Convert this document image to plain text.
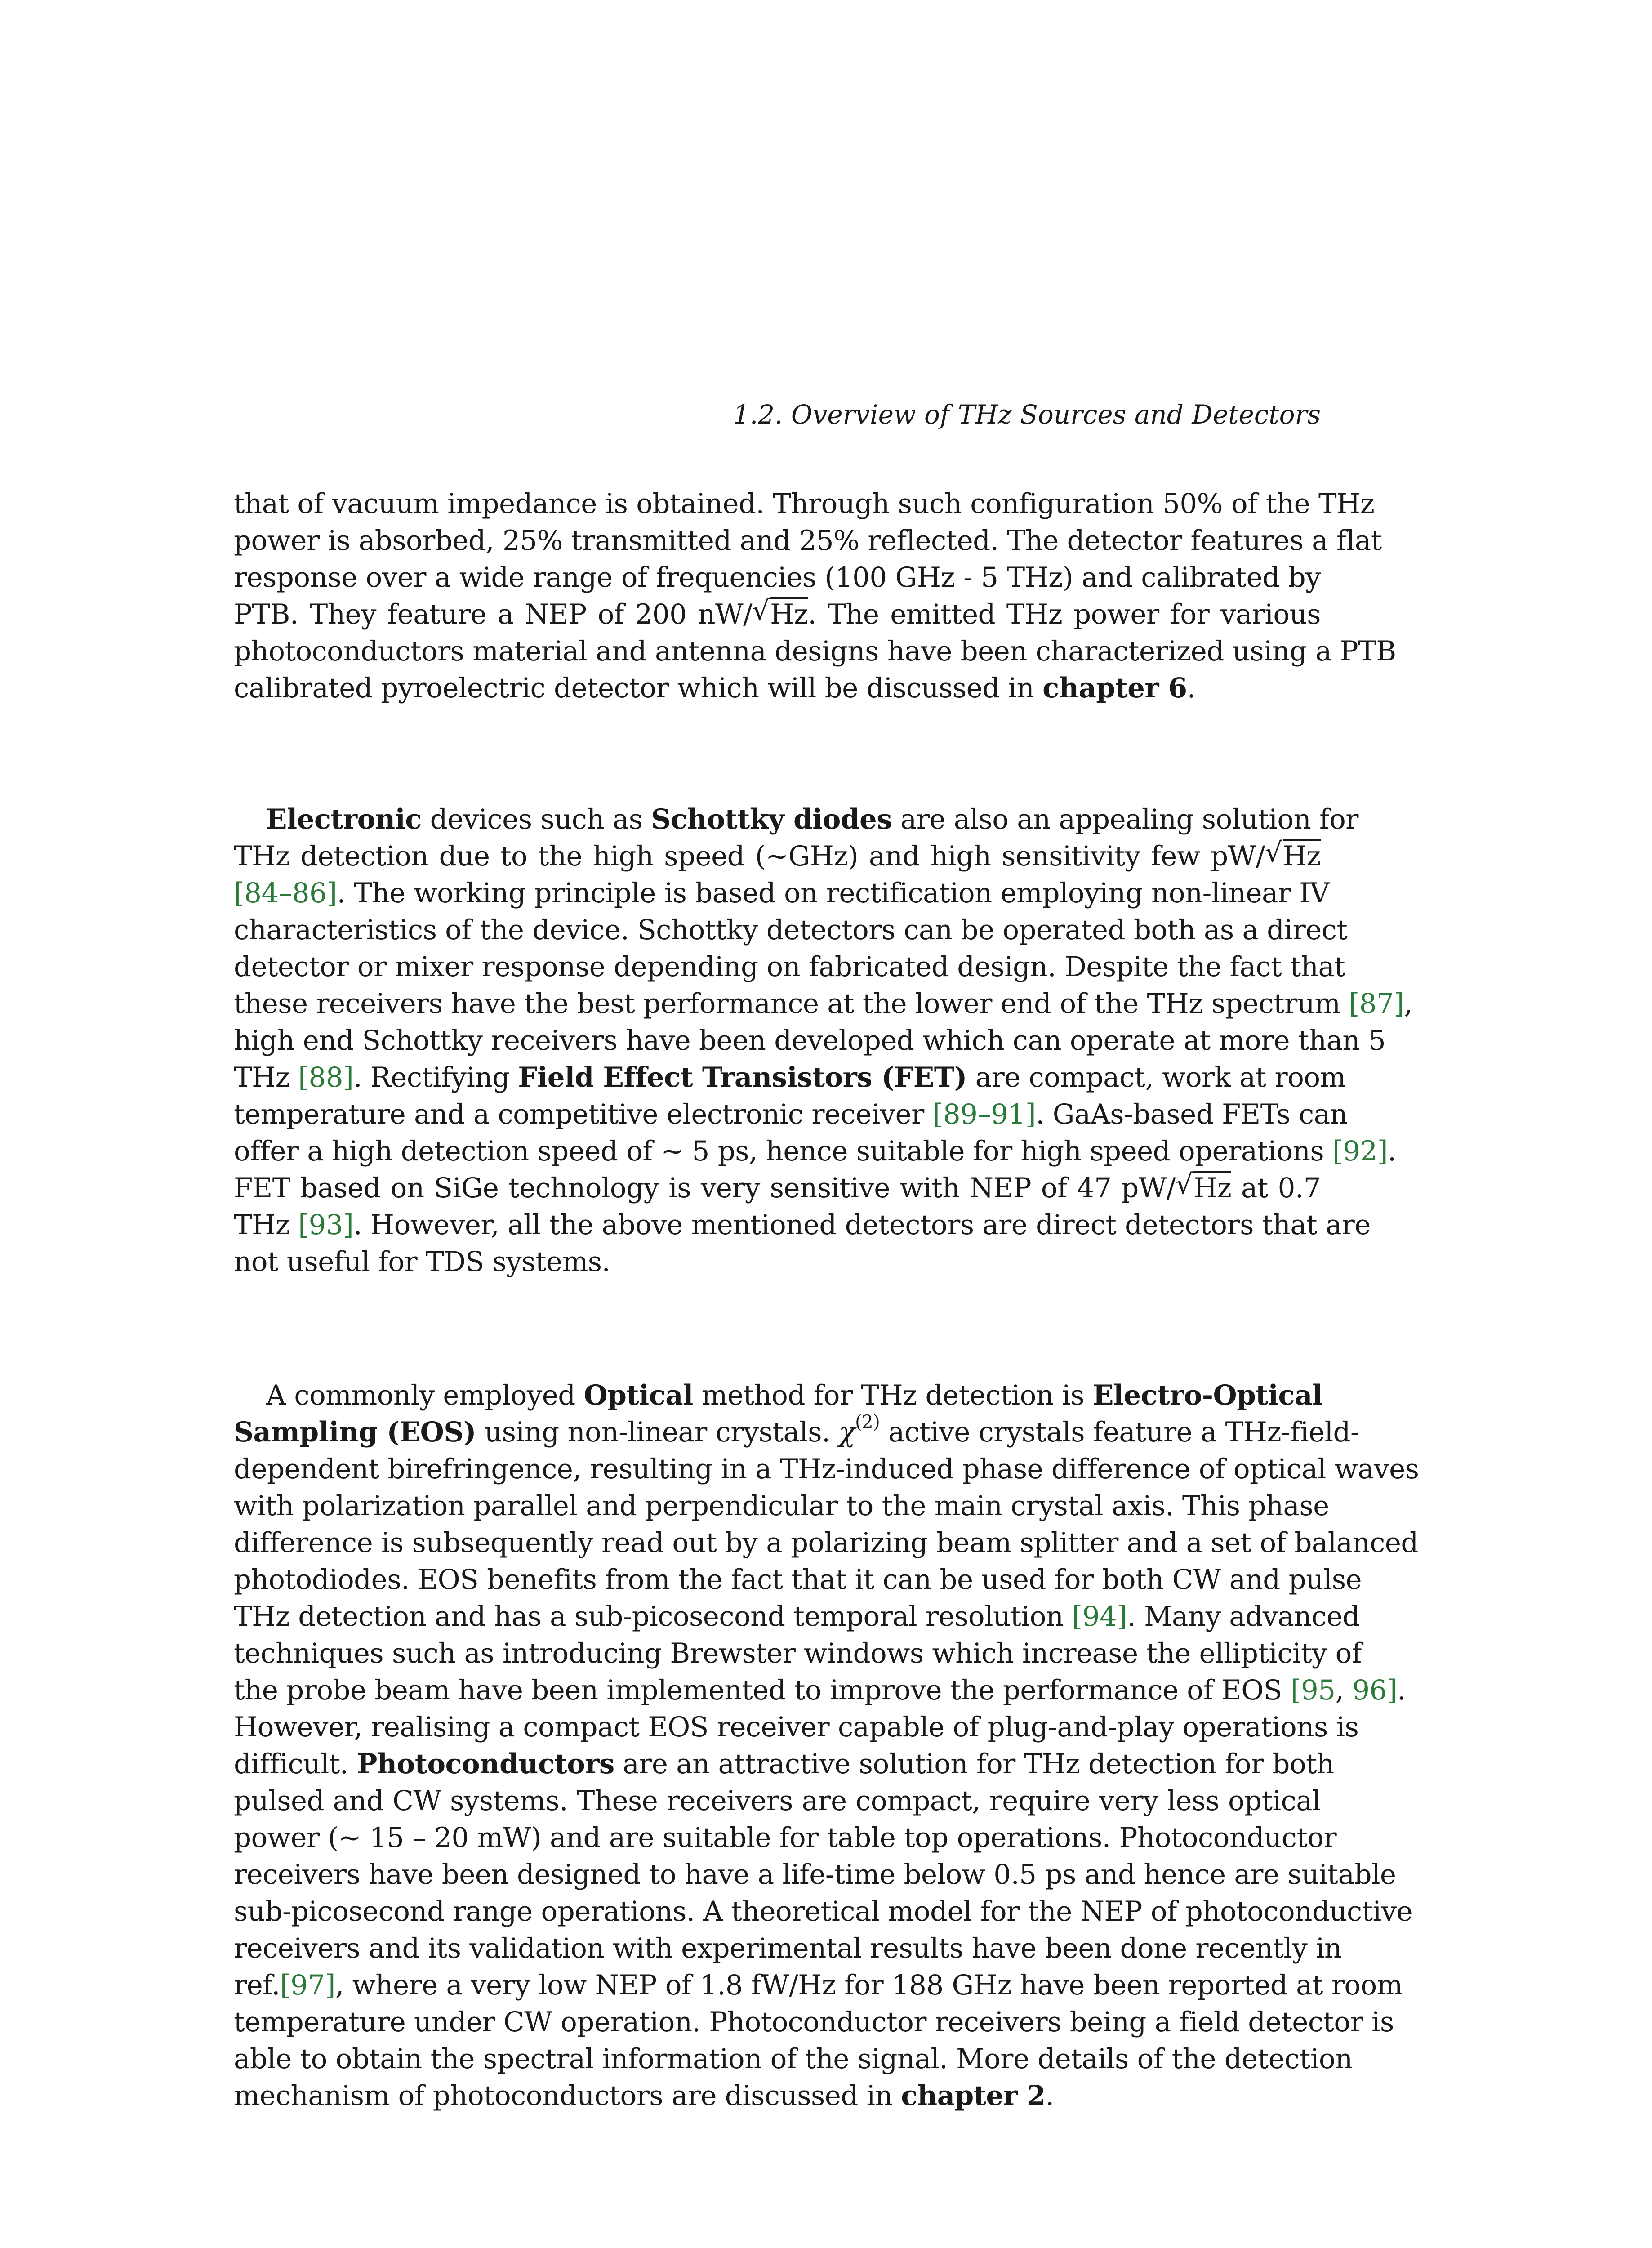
1.2. Overview of THz Sources and Detectors
that of vacuum impedance is obtained. Through such configuration 50% of the THz
power is absorbed, 25% transmitted and 25% reflected. The detector features a flat
response over a wide range of frequencies (100 GHz - 5 THz) and calibrated by
PTB. They feature a NEP of 200 nW/ √ Hz. The emitted THz power for various
photoconductors material and antenna designs have been characterized using a PTB
calibrated pyroelectric detector which will be discussed in chapter 6.
Electronic devices such as Schottky diodes are also an appealing solution for
THz detection due to the high speed (~GHz) and high sensitivity few pW/ √ Hz
[84–86]. The working principle is based on rectification employing non-linear IV
characteristics of the device. Schottky detectors can be operated both as a direct
detector or mixer response depending on fabricated design. Despite the fact that
these receivers have the best performance at the lower end of the THz spectrum [87],
high end Schottky receivers have been developed which can operate at more than 5
THz [88]. Rectifying Field Effect Transistors (FET) are compact, work at room
temperature and a competitive electronic receiver [89–91]. GaAs-based FETs can
offer a high detection speed of ~ 5 ps, hence suitable for high speed operations [92].
FET based on SiGe technology is very sensitive with NEP of 47 pW/ √ Hz at 0.7
THz [93]. However, all the above mentioned detectors are direct detectors that are
not useful for TDS systems.
A commonly employed Optical method for THz detection is Electro-Optical
Sampling (EOS) using non-linear crystals. $\chi^{(2)}$ active crystals feature a THz-field-
dependent birefringence, resulting in a THz-induced phase difference of optical waves
with polarization parallel and perpendicular to the main crystal axis. This phase
difference is subsequently read out by a polarizing beam splitter and a set of balanced
photodiodes. EOS benefits from the fact that it can be used for both CW and pulse
THz detection and has a sub-picosecond temporal resolution [94]. Many advanced
techniques such as introducing Brewster windows which increase the ellipticity of
the probe beam have been implemented to improve the performance of EOS [95, 96].
However, realising a compact EOS receiver capable of plug-and-play operations is
difficult. Photoconductors are an attractive solution for THz detection for both
pulsed and CW systems. These receivers are compact, require very less optical
power (~ 15 – 20 mW) and are suitable for table top operations. Photoconductor
receivers have been designed to have a life-time below 0.5 ps and hence are suitable
sub-picosecond range operations. A theoretical model for the NEP of photoconductive
receivers and its validation with experimental results have been done recently in
ref.[97], where a very low NEP of 1.8 fW/Hz for 188 GHz have been reported at room
temperature under CW operation. Photoconductor receivers being a field detector is
able to obtain the spectral information of the signal. More details of the detection
mechanism of photoconductors are discussed in chapter 2.
